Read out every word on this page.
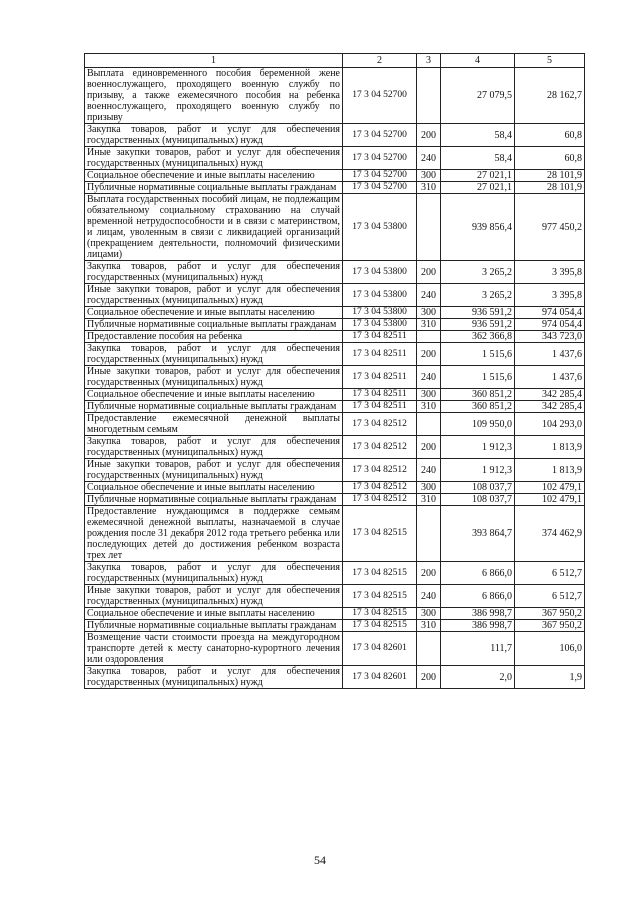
1	2	3	4	5
Выплата единовременного пособия беременной жене военнослужащего, проходящего военную службу по призыву, а также ежемесячного пособия на ребенка военнослужащего, проходящего военную службу по призыву	17 3 04 52700		27 079,5	28 162,7
Закупка товаров, работ и услуг для обеспечения государственных (муниципальных) нужд	17 3 04 52700	200	58,4	60,8
Иные закупки товаров, работ и услуг для обеспечения государственных (муниципальных) нужд	17 3 04 52700	240	58,4	60,8
Социальное обеспечение и иные выплаты населению	17 3 04 52700	300	27 021,1	28 101,9
Публичные нормативные социальные выплаты гражданам	17 3 04 52700	310	27 021,1	28 101,9
Выплата государственных пособий лицам, не подлежащим обязательному социальному страхованию на случай временной нетрудоспособности и в связи с материнством, и лицам, уволенным в связи с ликвидацией организаций (прекращением деятельности, полномочий физическими лицами)	17 3 04 53800		939 856,4	977 450,2
Закупка товаров, работ и услуг для обеспечения государственных (муниципальных) нужд	17 3 04 53800	200	3 265,2	3 395,8
Иные закупки товаров, работ и услуг для обеспечения государственных (муниципальных) нужд	17 3 04 53800	240	3 265,2	3 395,8
Социальное обеспечение и иные выплаты населению	17 3 04 53800	300	936 591,2	974 054,4
Публичные нормативные социальные выплаты гражданам	17 3 04 53800	310	936 591,2	974 054,4
Предоставление пособия на ребенка	17 3 04 82511		362 366,8	343 723,0
Закупка товаров, работ и услуг для обеспечения государственных (муниципальных) нужд	17 3 04 82511	200	1 515,6	1 437,6
Иные закупки товаров, работ и услуг для обеспечения государственных (муниципальных) нужд	17 3 04 82511	240	1 515,6	1 437,6
Социальное обеспечение и иные выплаты населению	17 3 04 82511	300	360 851,2	342 285,4
Публичные нормативные социальные выплаты гражданам	17 3 04 82511	310	360 851,2	342 285,4
Предоставление ежемесячной денежной выплаты многодетным семьям	17 3 04 82512		109 950,0	104 293,0
Закупка товаров, работ и услуг для обеспечения государственных (муниципальных) нужд	17 3 04 82512	200	1 912,3	1 813,9
Иные закупки товаров, работ и услуг для обеспечения государственных (муниципальных) нужд	17 3 04 82512	240	1 912,3	1 813,9
Социальное обеспечение и иные выплаты населению	17 3 04 82512	300	108 037,7	102 479,1
Публичные нормативные социальные выплаты гражданам	17 3 04 82512	310	108 037,7	102 479,1
Предоставление нуждающимся в поддержке семьям ежемесячной денежной выплаты, назначаемой в случае рождения после 31 декабря 2012 года третьего ребенка или последующих детей до достижения ребенком возраста трех лет	17 3 04 82515		393 864,7	374 462,9
Закупка товаров, работ и услуг для обеспечения государственных (муниципальных) нужд	17 3 04 82515	200	6 866,0	6 512,7
Иные закупки товаров, работ и услуг для обеспечения государственных (муниципальных) нужд	17 3 04 82515	240	6 866,0	6 512,7
Социальное обеспечение и иные выплаты населению	17 3 04 82515	300	386 998,7	367 950,2
Публичные нормативные социальные выплаты гражданам	17 3 04 82515	310	386 998,7	367 950,2
Возмещение части стоимости проезда на междугородном транспорте детей к месту санаторно-курортного лечения или оздоровления	17 3 04 82601		111,7	106,0
Закупка товаров, работ и услуг для обеспечения государственных (муниципальных) нужд	17 3 04 82601	200	2,0	1,9
54
